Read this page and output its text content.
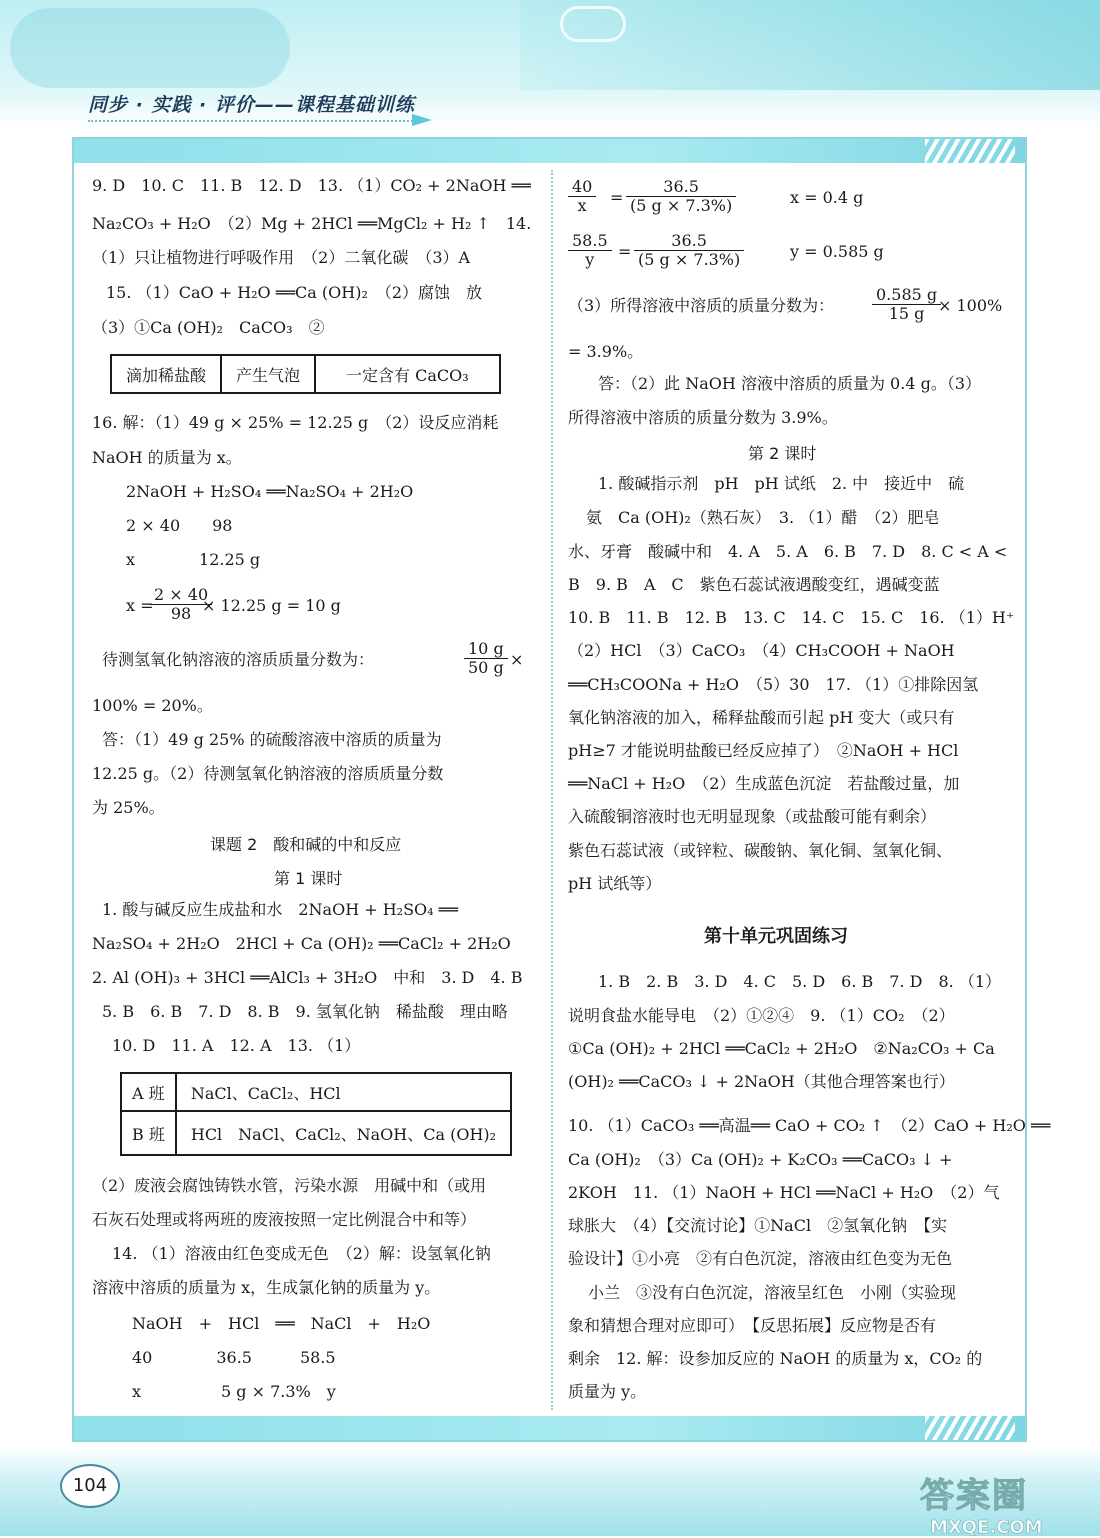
同步 · 实践 · 评价——课程基础训练
9. D　10. C　11. B　12. D　13. （1）CO₂ + 2NaOH ══
Na₂CO₃ + H₂O　（2）Mg + 2HCl ══MgCl₂ + H₂ ↑　14.
（1）只让植物进行呼吸作用　（2）二氧化碳　（3）A
15. （1）CaO + H₂O ══Ca (OH)₂　（2）腐蚀　放
（3）①Ca (OH)₂　CaCO₃　②
滴加稀盐酸	产生气泡	一定含有 CaCO₃
16. 解：（1）49 g × 25% = 12.25 g　（2）设反应消耗
NaOH 的质量为 x。
2NaOH + H₂SO₄ ══Na₂SO₄ + 2H₂O
2 × 40　　98
x　　　　12.25 g
x =
$\frac{2 \times 40}{98}$
× 12.25 g = 10 g
待测氢氧化钠溶液的溶质质量分数为：	$\frac{10 g}{50 g}$ ×
100% = 20%。
答：（1）49 g 25% 的硫酸溶液中溶质的质量为
12.25 g。（2）待测氢氧化钠溶液的溶质质量分数
为 25%。
课题 2　酸和碱的中和反应
第 1 课时
1. 酸与碱反应生成盐和水　2NaOH + H₂SO₄ ══
Na₂SO₄ + 2H₂O　2HCl + Ca (OH)₂ ══CaCl₂ + 2H₂O
2. Al (OH)₃ + 3HCl ══AlCl₃ + 3H₂O　中和　3. D　4. B
5. B　6. B　7. D　8. B　9. 氢氧化钠　稀盐酸　理由略
10. D　11. A　12. A　13. （1）
A 班	NaCl、CaCl₂、HCl
B 班	HCl　NaCl、CaCl₂、NaOH、Ca (OH)₂
（2）废液会腐蚀铸铁水管，污染水源　用碱中和（或用
石灰石处理或将两班的废液按照一定比例混合中和等）
14. （1）溶液由红色变成无色　（2）解：设氢氧化钠
溶液中溶质的质量为 x，生成氯化钠的质量为 y。
NaOH　+　HCl　══　NaCl　+　H₂O
40　　　　36.5　　　58.5
x　　　　　5 g × 7.3%　y
$\frac{40}{x} = \frac{36.5}{(5 g \times 7.3\%)}$	x = 0.4 g
$\frac{58.5}{y} = \frac{36.5}{(5 g \times 7.3\%)}$	y = 0.585 g
（3）所得溶液中溶质的质量分数为： $\frac{0.585 g}{15 g}$
× 100%
= 3.9%。
答：（2）此 NaOH 溶液中溶质的质量为 0.4 g。（3）
所得溶液中溶质的质量分数为 3.9%。
第 2 课时
1. 酸碱指示剂　pH　pH 试纸　2. 中　接近中　硫
氨　Ca (OH)₂（熟石灰）　3. （1）醋　（2）肥皂
水、牙膏　酸碱中和　4. A　5. A　6. B　7. D　8. C < A <
B　9. B　A　C　紫色石蕊试液遇酸变红，遇碱变蓝
10. B　11. B　12. B　13. C　14. C　15. C　16. （1）H⁺
（2）HCl　（3）CaCO₃　（4）CH₃COOH + NaOH
══CH₃COONa + H₂O　（5）30　17. （1）①排除因氢
氧化钠溶液的加入，稀释盐酸而引起 pH 变大（或只有
pH≥7 才能说明盐酸已经反应掉了）　②NaOH + HCl
══NaCl + H₂O　（2）生成蓝色沉淀　若盐酸过量，加
入硫酸铜溶液时也无明显现象（或盐酸可能有剩余）
紫色石蕊试液（或锌粒、碳酸钠、氧化铜、氢氧化铜、
pH 试纸等）
第十单元巩固练习
1. B　2. B　3. D　4. C　5. D　6. B　7. D　8. （1）
说明食盐水能导电　（2）①②④　9. （1）CO₂　（2）
①Ca (OH)₂ + 2HCl ══CaCl₂ + 2H₂O　②Na₂CO₃ + Ca
(OH)₂ ══CaCO₃ ↓ + 2NaOH（其他合理答案也行）
10. （1）CaCO₃ ══高温══ CaO + CO₂ ↑　（2）CaO + H₂O ══
Ca (OH)₂　（3）Ca (OH)₂ + K₂CO₃ ══CaCO₃ ↓ +
2KOH　11. （1）NaOH + HCl ══NaCl + H₂O　（2）气
球胀大　（4）【交流讨论】①NaCl　②氢氧化钠　【实
验设计】①小亮　②有白色沉淀，溶液由红色变为无色
小兰　③没有白色沉淀，溶液呈红色　小刚（实验现
象和猜想合理对应即可）　【反思拓展】反应物是否有
剩余　12. 解：设参加反应的 NaOH 的质量为 x，CO₂ 的
质量为 y。
104	答案圈
MXQE.COM
